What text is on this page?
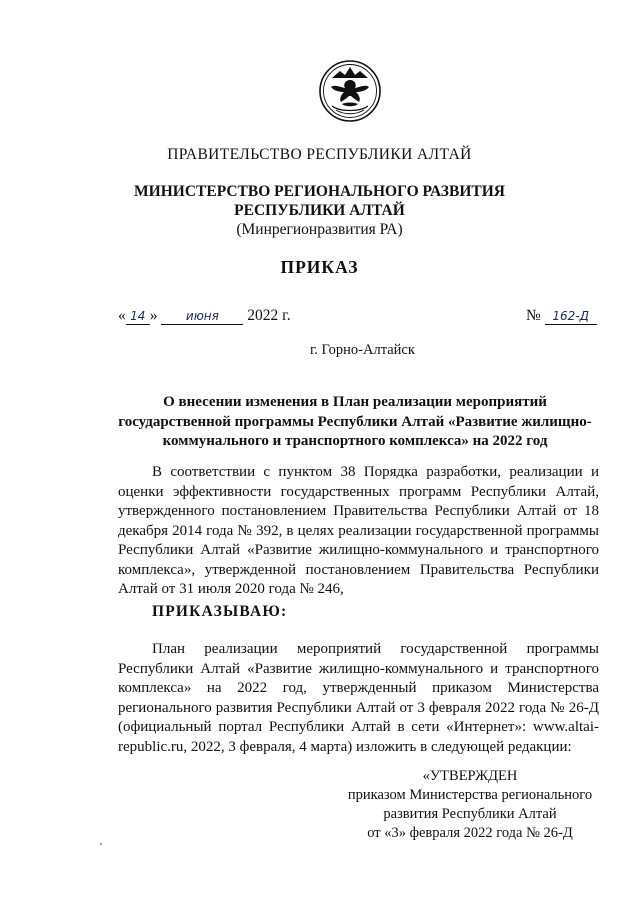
ПРАВИТЕЛЬСТВО РЕСПУБЛИКИ АЛТАЙ
МИНИСТЕРСТВО РЕГИОНАЛЬНОГО РАЗВИТИЯ
РЕСПУБЛИКИ АЛТАЙ
(Минрегионразвития РА)
ПРИКАЗ
« 14 » июня 2022 г.	№ 162-Д
г. Горно-Алтайск
О внесении изменения в План реализации мероприятий
государственной программы Республики Алтай «Развитие жилищно-
коммунального и транспортного комплекса» на 2022 год
В соответствии с пунктом 38 Порядка разработки, реализации и
оценки эффективности государственных программ Республики Алтай,
утвержденного постановлением Правительства Республики Алтай от 18
декабря 2014 года № 392, в целях реализации государственной программы
Республики Алтай «Развитие жилищно-коммунального и транспортного
комплекса», утвержденной постановлением Правительства Республики
Алтай от 31 июля 2020 года № 246,
ПРИКАЗЫВАЮ:
План реализации мероприятий государственной программы
Республики Алтай «Развитие жилищно-коммунального и транспортного
комплекса» на 2022 год, утвержденный приказом Министерства
регионального развития Республики Алтай от 3 февраля 2022 года № 26-Д
(официальный портал Республики Алтай в сети «Интернет»: www.altai-
republic.ru, 2022, 3 февраля, 4 марта) изложить в следующей редакции:
«УТВЕРЖДЕН
приказом Министерства регионального
развития Республики Алтай
от «3» февраля 2022 года № 26-Д
